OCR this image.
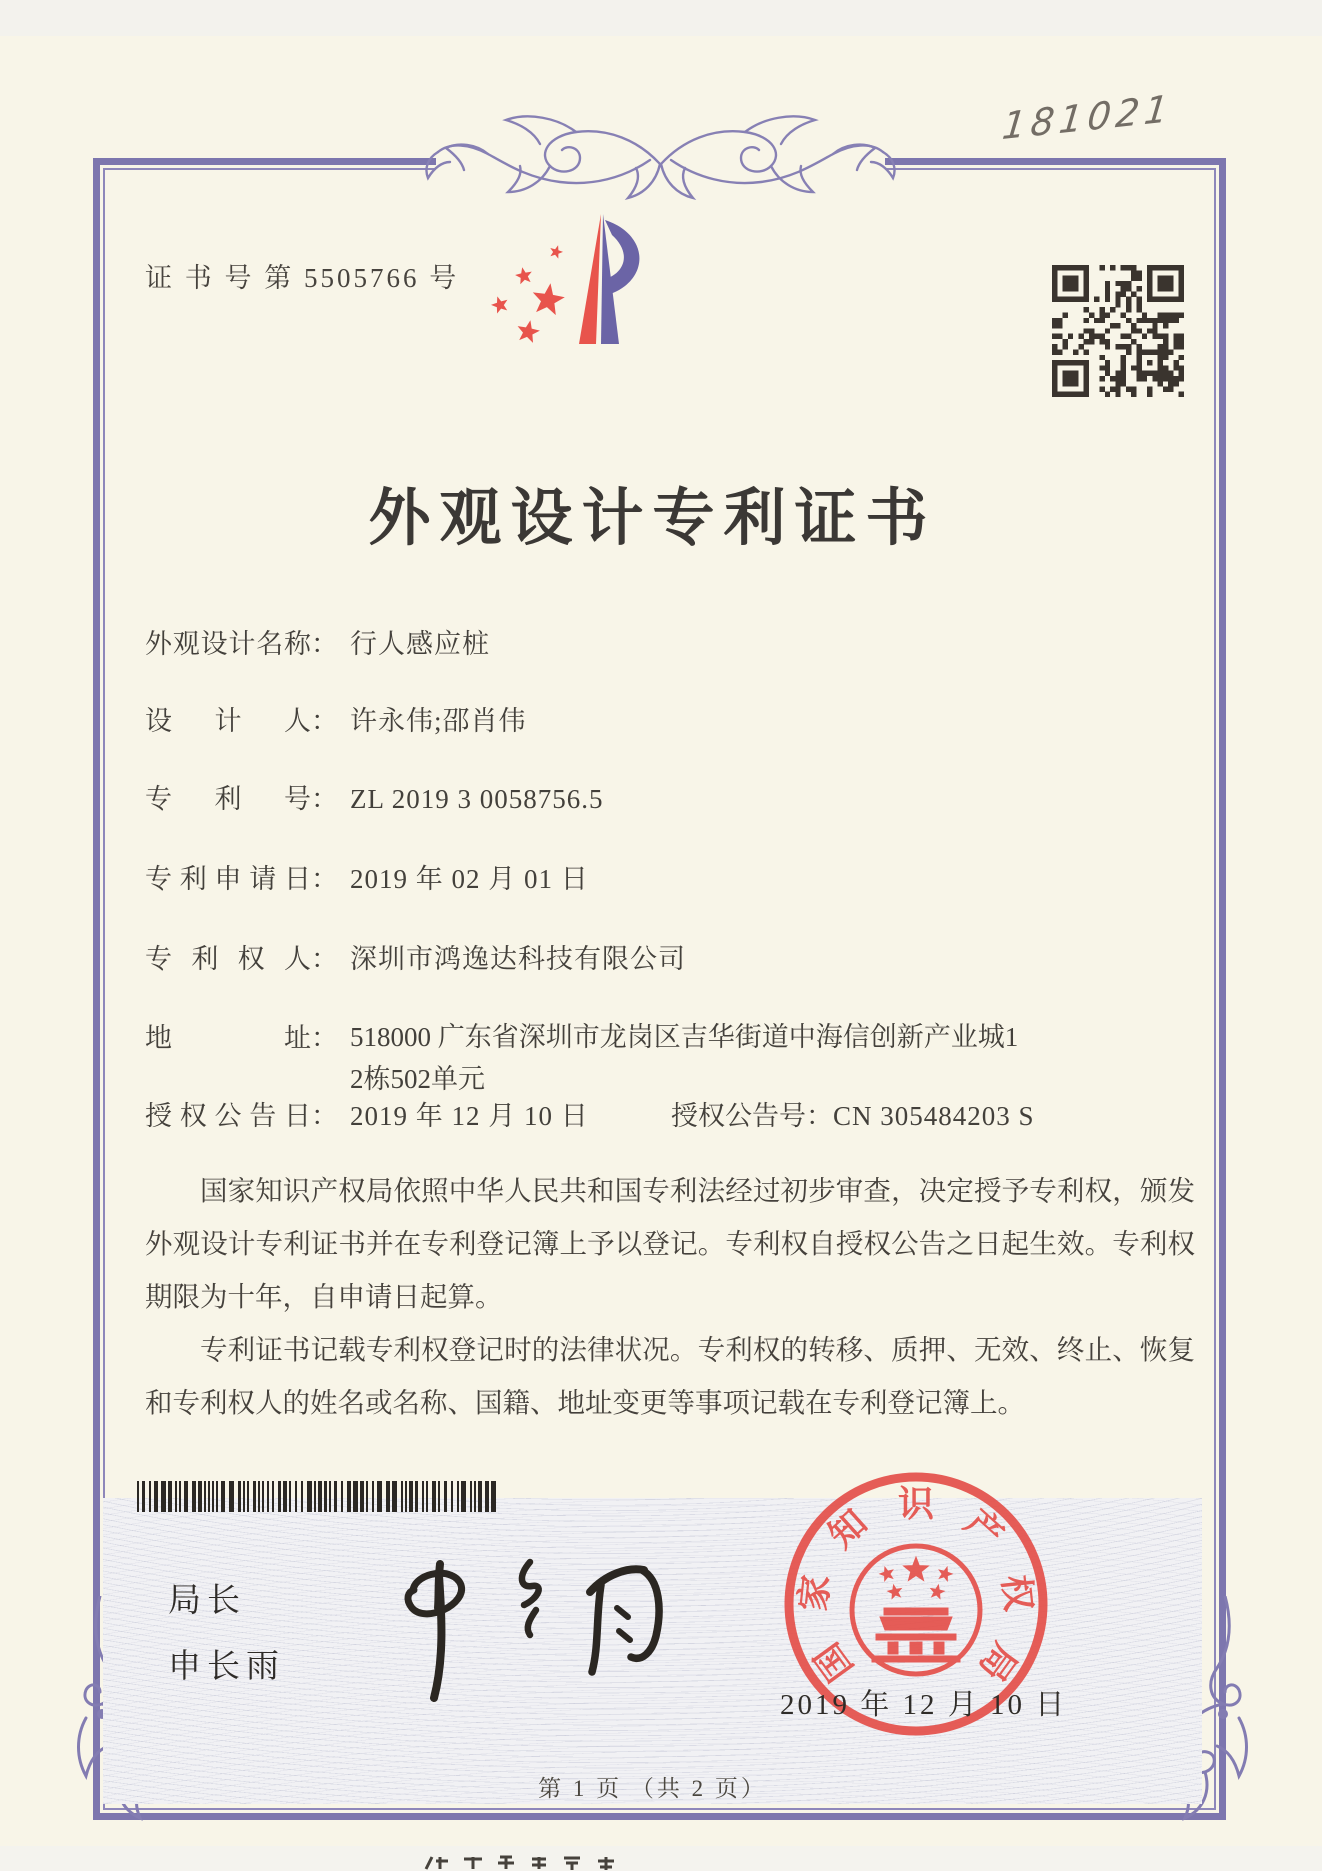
证 书 号 第 5505766 号
181021
外观设计专利证书
外观设计名称： 行人感应桩
设计人： 许永伟;邵肖伟
专利号： ZL 2019 3 0058756.5
专利申请日： 2019 年 02 月 01 日
专利权人： 深圳市鸿逸达科技有限公司
地址： 518000 广东省深圳市龙岗区吉华街道中海信创新产业城1
2栋502单元
授权公告日： 2019 年 12 月 10 日	授权公告号：CN 305484203 S

国家知识产权局依照中华人民共和国专利法经过初步审查，决定授予专利权，颁发外观设计专利证书并在专利登记簿上予以登记。专利权自授权公告之日起生效。专利权期限为十年，自申请日起算。

专利证书记载专利权登记时的法律状况。专利权的转移、质押、无效、终止、恢复和专利权人的姓名或名称、国籍、地址变更等事项记载在专利登记簿上。

局长
申长雨	国
家
知 识 产
权
局
2019 年 12 月 10 日
第 1 页 （共 2 页）
